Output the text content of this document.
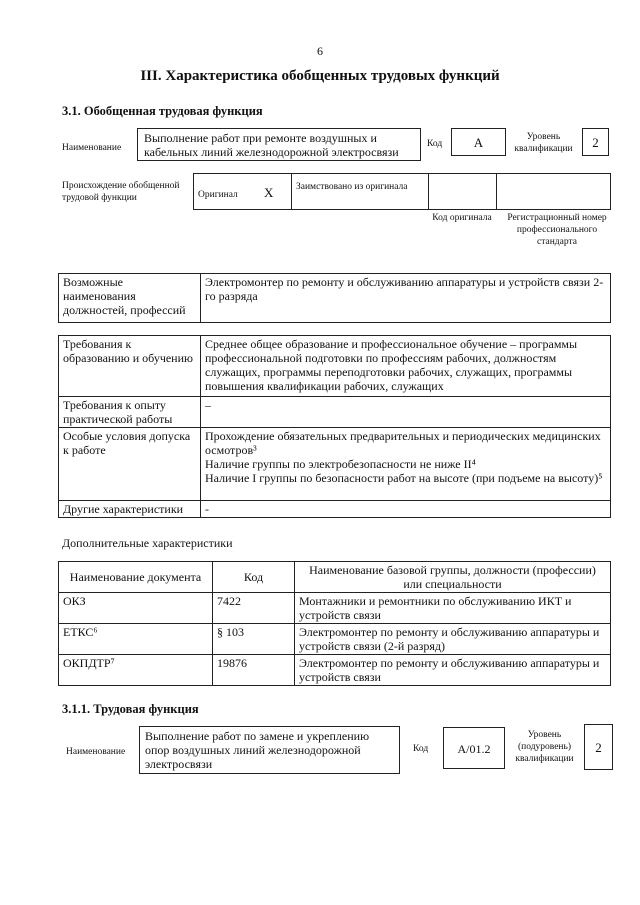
6
III. Характеристика обобщенных трудовых функций
3.1. Обобщенная трудовая функция
Наименование
Выполнение работ при ремонте воздушных и кабельных линий железнодорожной электросвязи
Код	А	Уровень квалификации	2
Происхождение обобщенной трудовой функции	Оригинал X Заимствовано из оригинала
Код оригинала	Регистрационный номер профессионального стандарта
Возможные наименования должностей, профессий	Электромонтер по ремонту и обслуживанию аппаратуры и устройств связи 2-го разряда
Требования к образованию и обучению	Среднее общее образование и профессиональное обучение – программы профессиональной подготовки по профессиям рабочих, должностям служащих, программы переподготовки рабочих, служащих, программы повышения квалификации рабочих, служащих
Требования к опыту практической работы	–
Особые условия допуска к работе	Прохождение обязательных предварительных и периодических медицинских осмотров³
Наличие группы по электробезопасности не ниже II⁴
Наличие I группы по безопасности работ на высоте (при подъеме на высоту)⁵

Другие характеристики	-
Дополнительные характеристики
Наименование документа	Код	Наименование базовой группы, должности (профессии) или специальности
ОКЗ	7422	Монтажники и ремонтники по обслуживанию ИКТ и устройств связи
ЕТКС⁶	§ 103	Электромонтер по ремонту и обслуживанию аппаратуры и устройств связи (2-й разряд)
ОКПДТР⁷	19876	Электромонтер по ремонту и обслуживанию аппаратуры и устройств связи
3.1.1. Трудовая функция
Наименование
Выполнение работ по замене и укреплению опор воздушных линий железнодорожной электросвязи
Код	A/01.2
Уровень (подуровень) квалификации
2
